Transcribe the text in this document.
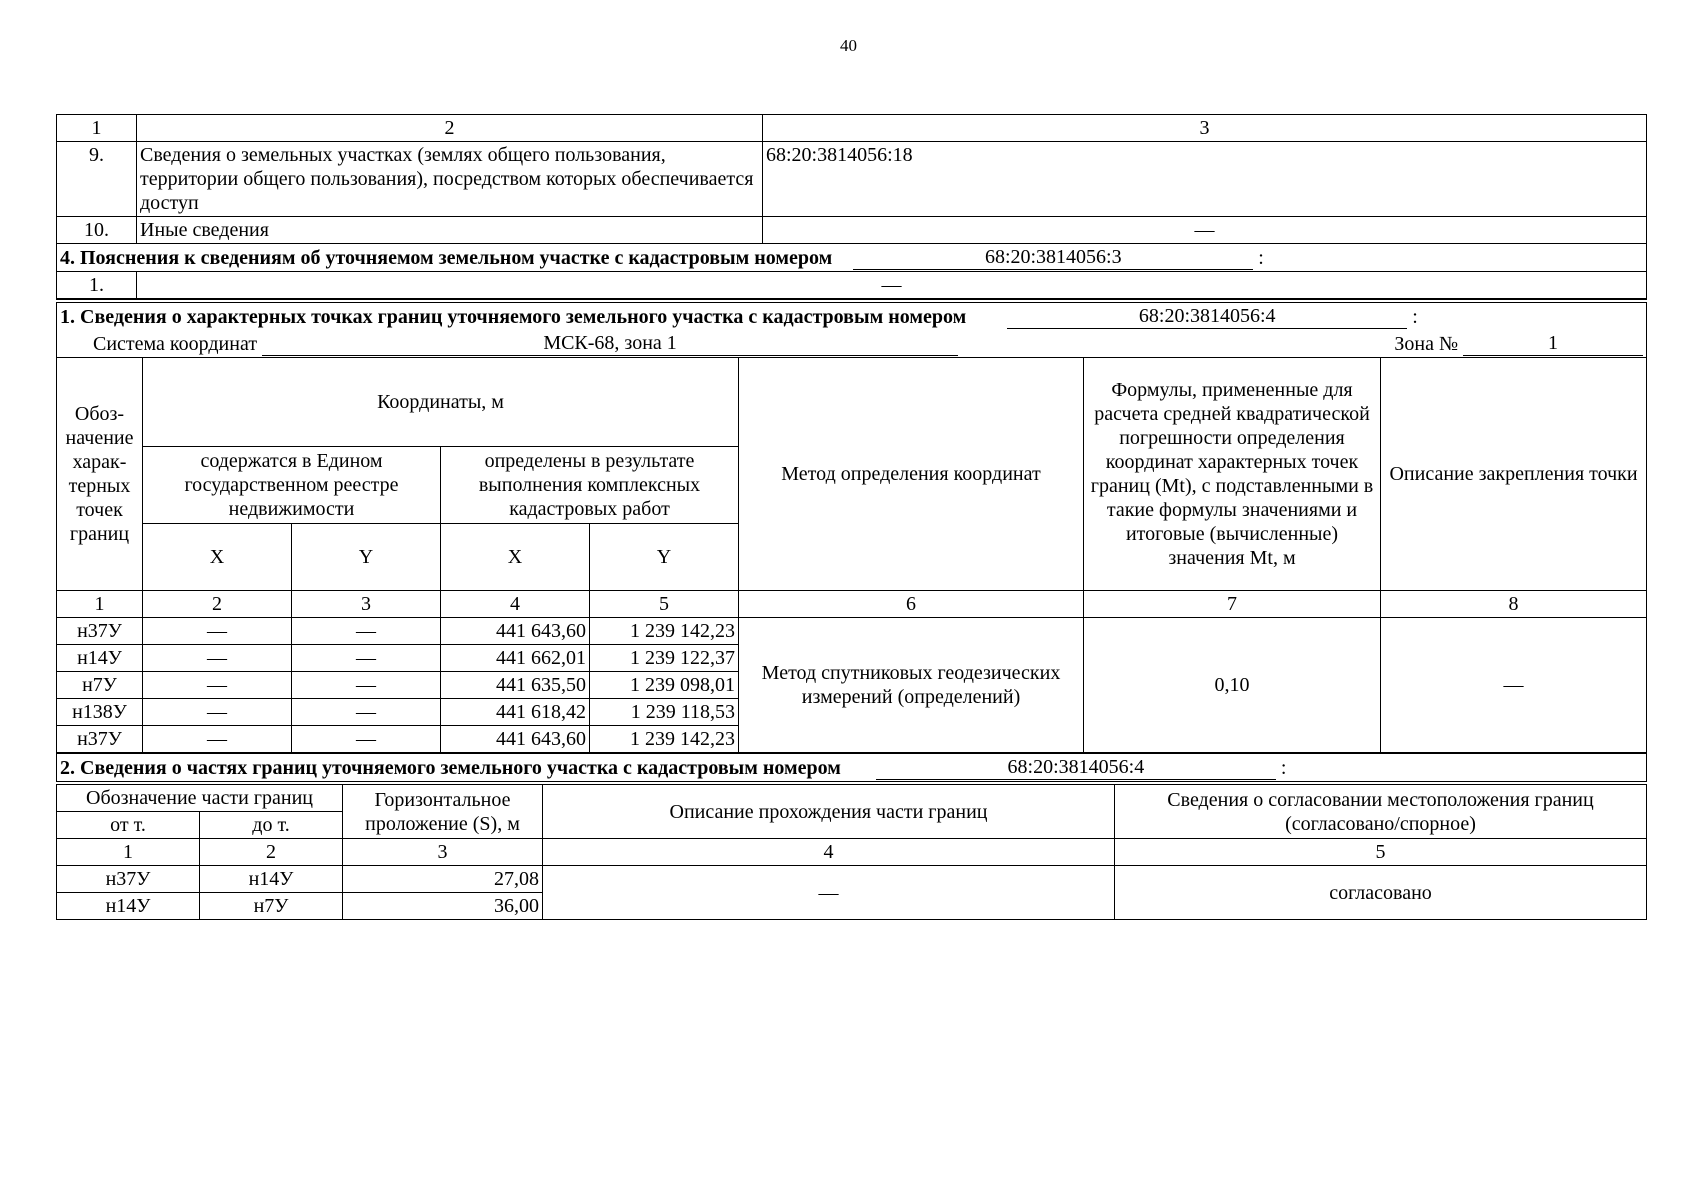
40
1	2	3
9.	Сведения о земельных участках (землях общего пользования, территории общего пользования), посредством которых обеспечивается доступ	68:20:3814056:18
10.	Иные сведения	—
4. Пояснения к сведениям об уточняемом земельном участке с кадастровым номером 68:20:3814056:3 :		
1.	—	
1. Сведения о характерных точках границ уточняемого земельного участка с кадастровым номером 68:20:3814056:4 :							
Система координат МСК-68, зона 1 Зона № 1							

Обоз-начение харак-терных точек границ	Координаты, м				Метод определения координат	Формулы, примененные для расчета средней квадратической погрешности определения координат характерных точек границ (Mt), с подставленными в такие формулы значениями и итоговые (вычисленные) значения Mt, м	Описание закрепления точки
	содержатся в Едином государственном реестре недвижимости		определены в результате выполнения комплексных кадастровых работ				
	X	Y	X	Y			
1	2	3	4	5	6	7	8
н37У	—	—	441 643,60	1 239 142,23	Метод спутниковых геодезических измерений (определений)	0,10	—
н14У	—	—	441 662,01	1 239 122,37			
н7У	—	—	441 635,50	1 239 098,01			
н138У	—	—	441 618,42	1 239 118,53			
н37У	—	—	441 643,60	1 239 142,23			
2. Сведения о частях границ уточняемого земельного участка с кадастровым номером 68:20:3814056:4 :				
Обозначение части границ		Горизонтальное проложение (S), м	Описание прохождения части границ	Сведения о согласовании местоположения границ (согласовано/спорное)
от т.	до т.			
1	2	3	4	5
н37У	н14У	27,08	—	согласовано
н14У	н7У	36,00		
